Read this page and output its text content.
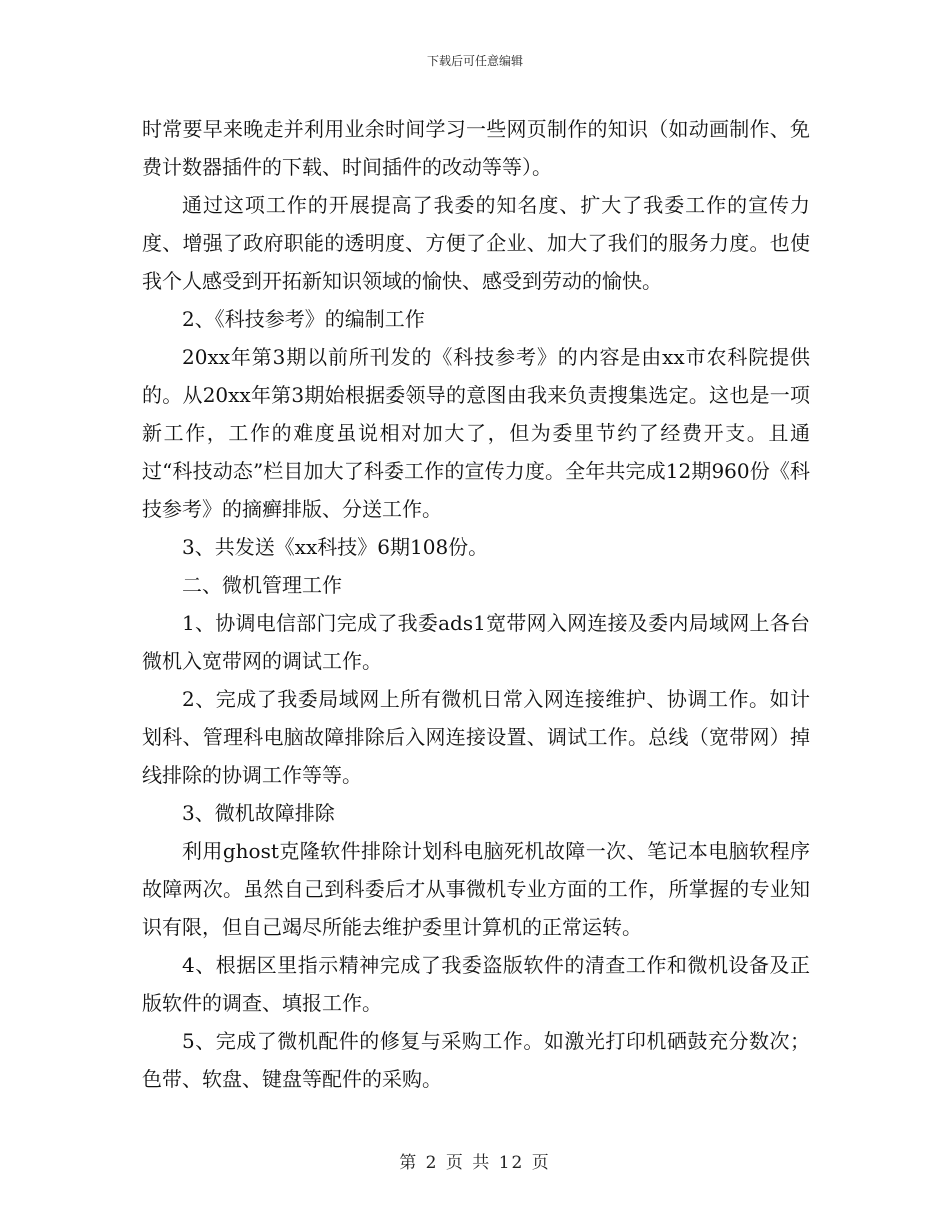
下载后可任意编辑

时常要早来晚走并利用业余时间学习一些网页制作的知识（如动画制作、免费计数器插件的下载、时间插件的改动等等）。

通过这项工作的开展提高了我委的知名度、扩大了我委工作的宣传力度、增强了政府职能的透明度、方便了企业、加大了我们的服务力度。也使我个人感受到开拓新知识领域的愉快、感受到劳动的愉快。

2、《科技参考》的编制工作

20xx年第3期以前所刊发的《科技参考》的内容是由xx市农科院提供的。从20xx年第3期始根据委领导的意图由我来负责搜集选定。这也是一项新工作，工作的难度虽说相对加大了，但为委里节约了经费开支。且通过“科技动态”栏目加大了科委工作的宣传力度。全年共完成12期960份《科技参考》的摘癣排版、分送工作。

3、共发送《xx科技》6期108份。

二、微机管理工作

1、协调电信部门完成了我委ads1宽带网入网连接及委内局域网上各台微机入宽带网的调试工作。

2、完成了我委局域网上所有微机日常入网连接维护、协调工作。如计划科、管理科电脑故障排除后入网连接设置、调试工作。总线（宽带网）掉线排除的协调工作等等。

3、微机故障排除

利用ghost克隆软件排除计划科电脑死机故障一次、笔记本电脑软程序故障两次。虽然自己到科委后才从事微机专业方面的工作，所掌握的专业知识有限，但自己竭尽所能去维护委里计算机的正常运转。

4、根据区里指示精神完成了我委盗版软件的清查工作和微机设备及正版软件的调查、填报工作。

5、完成了微机配件的修复与采购工作。如激光打印机硒鼓充分数次；色带、软盘、键盘等配件的采购。

第 2 页 共 12 页
